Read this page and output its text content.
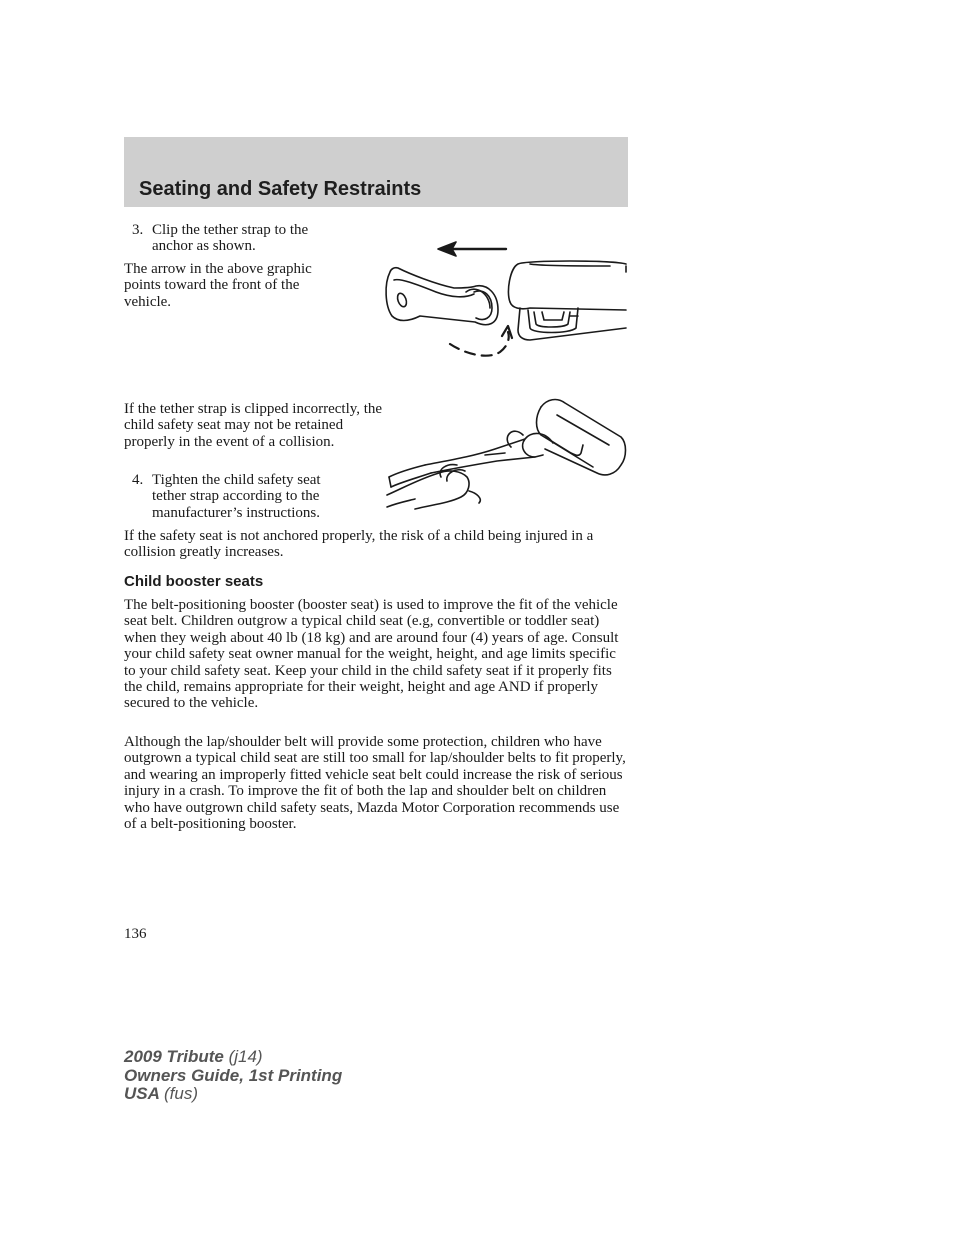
Seating and Safety Restraints
3. Clip the tether strap to the anchor as shown.

The arrow in the above graphic points toward the front of the vehicle.

If the tether strap is clipped incorrectly, the child safety seat may not be retained properly in the event of a collision.

4. Tighten the child safety seat tether strap according to the manufacturer’s instructions.

If the safety seat is not anchored properly, the risk of a child being injured in a collision greatly increases.

Child booster seats

The belt-positioning booster (booster seat) is used to improve the fit of the vehicle seat belt. Children outgrow a typical child seat (e.g, convertible or toddler seat) when they weigh about 40 lb (18 kg) and are around four (4) years of age. Consult your child safety seat owner manual for the weight, height, and age limits specific to your child safety seat. Keep your child in the child safety seat if it properly fits the child, remains appropriate for their weight, height and age AND if properly secured to the vehicle.

Although the lap/shoulder belt will provide some protection, children who have outgrown a typical child seat are still too small for lap/shoulder belts to fit properly, and wearing an improperly fitted vehicle seat belt could increase the risk of serious injury in a crash. To improve the fit of both the lap and shoulder belt on children who have outgrown child safety seats, Mazda Motor Corporation recommends use of a belt-positioning booster.

136
2009 Tribute (j14)
Owners Guide, 1st Printing
USA (fus)
